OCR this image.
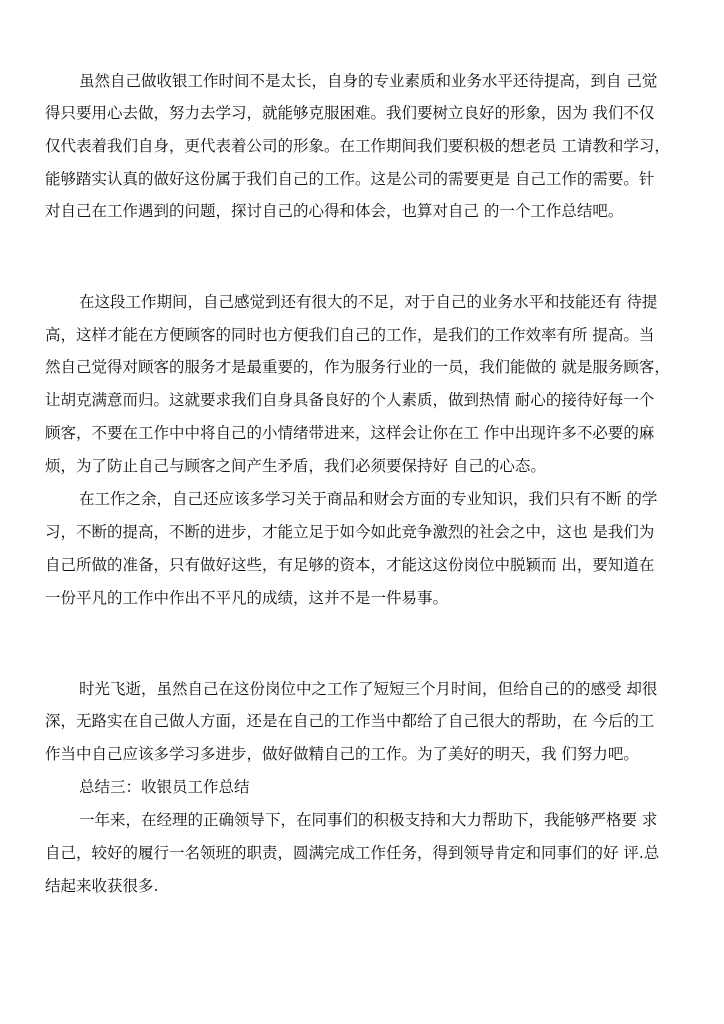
虽然自己做收银工作时间不是太长，自身的专业素质和业务水平还待提高，到自 己觉
得只要用心去做，努力去学习，就能够克服困难。我们要树立良好的形象，因为 我们不仅
仅代表着我们自身，更代表着公司的形象。在工作期间我们要积极的想老员 工请教和学习，
能够踏实认真的做好这份属于我们自己的工作。这是公司的需要更是 自己工作的需要。针
对自己在工作遇到的问题，探讨自己的心得和体会，也算对自己 的一个工作总结吧。
在这段工作期间，自己感觉到还有很大的不足，对于自己的业务水平和技能还有 待提
高，这样才能在方便顾客的同时也方便我们自己的工作，是我们的工作效率有所 提高。当
然自己觉得对顾客的服务才是最重要的，作为服务行业的一员，我们能做的 就是服务顾客，
让胡克满意而归。这就要求我们自身具备良好的个人素质，做到热情 耐心的接待好每一个
顾客，不要在工作中中将自己的小情绪带进来，这样会让你在工 作中出现许多不必要的麻
烦，为了防止自己与顾客之间产生矛盾，我们必须要保持好 自己的心态。
在工作之余，自己还应该多学习关于商品和财会方面的专业知识，我们只有不断 的学
习，不断的提高，不断的进步，才能立足于如今如此竞争激烈的社会之中，这也 是我们为
自己所做的准备，只有做好这些，有足够的资本，才能这这份岗位中脱颖而 出，要知道在
一份平凡的工作中作出不平凡的成绩，这并不是一件易事。
时光飞逝，虽然自己在这份岗位中之工作了短短三个月时间，但给自己的的感受 却很
深，无路实在自己做人方面，还是在自己的工作当中都给了自己很大的帮助，在 今后的工
作当中自己应该多学习多进步，做好做精自己的工作。为了美好的明天，我 们努力吧。
总结三：收银员工作总结
一年来，在经理的正确领导下，在同事们的积极支持和大力帮助下，我能够严格要 求
自己，较好的履行一名领班的职责，圆满完成工作任务，得到领导肯定和同事们的好 评.总
结起来收获很多.
